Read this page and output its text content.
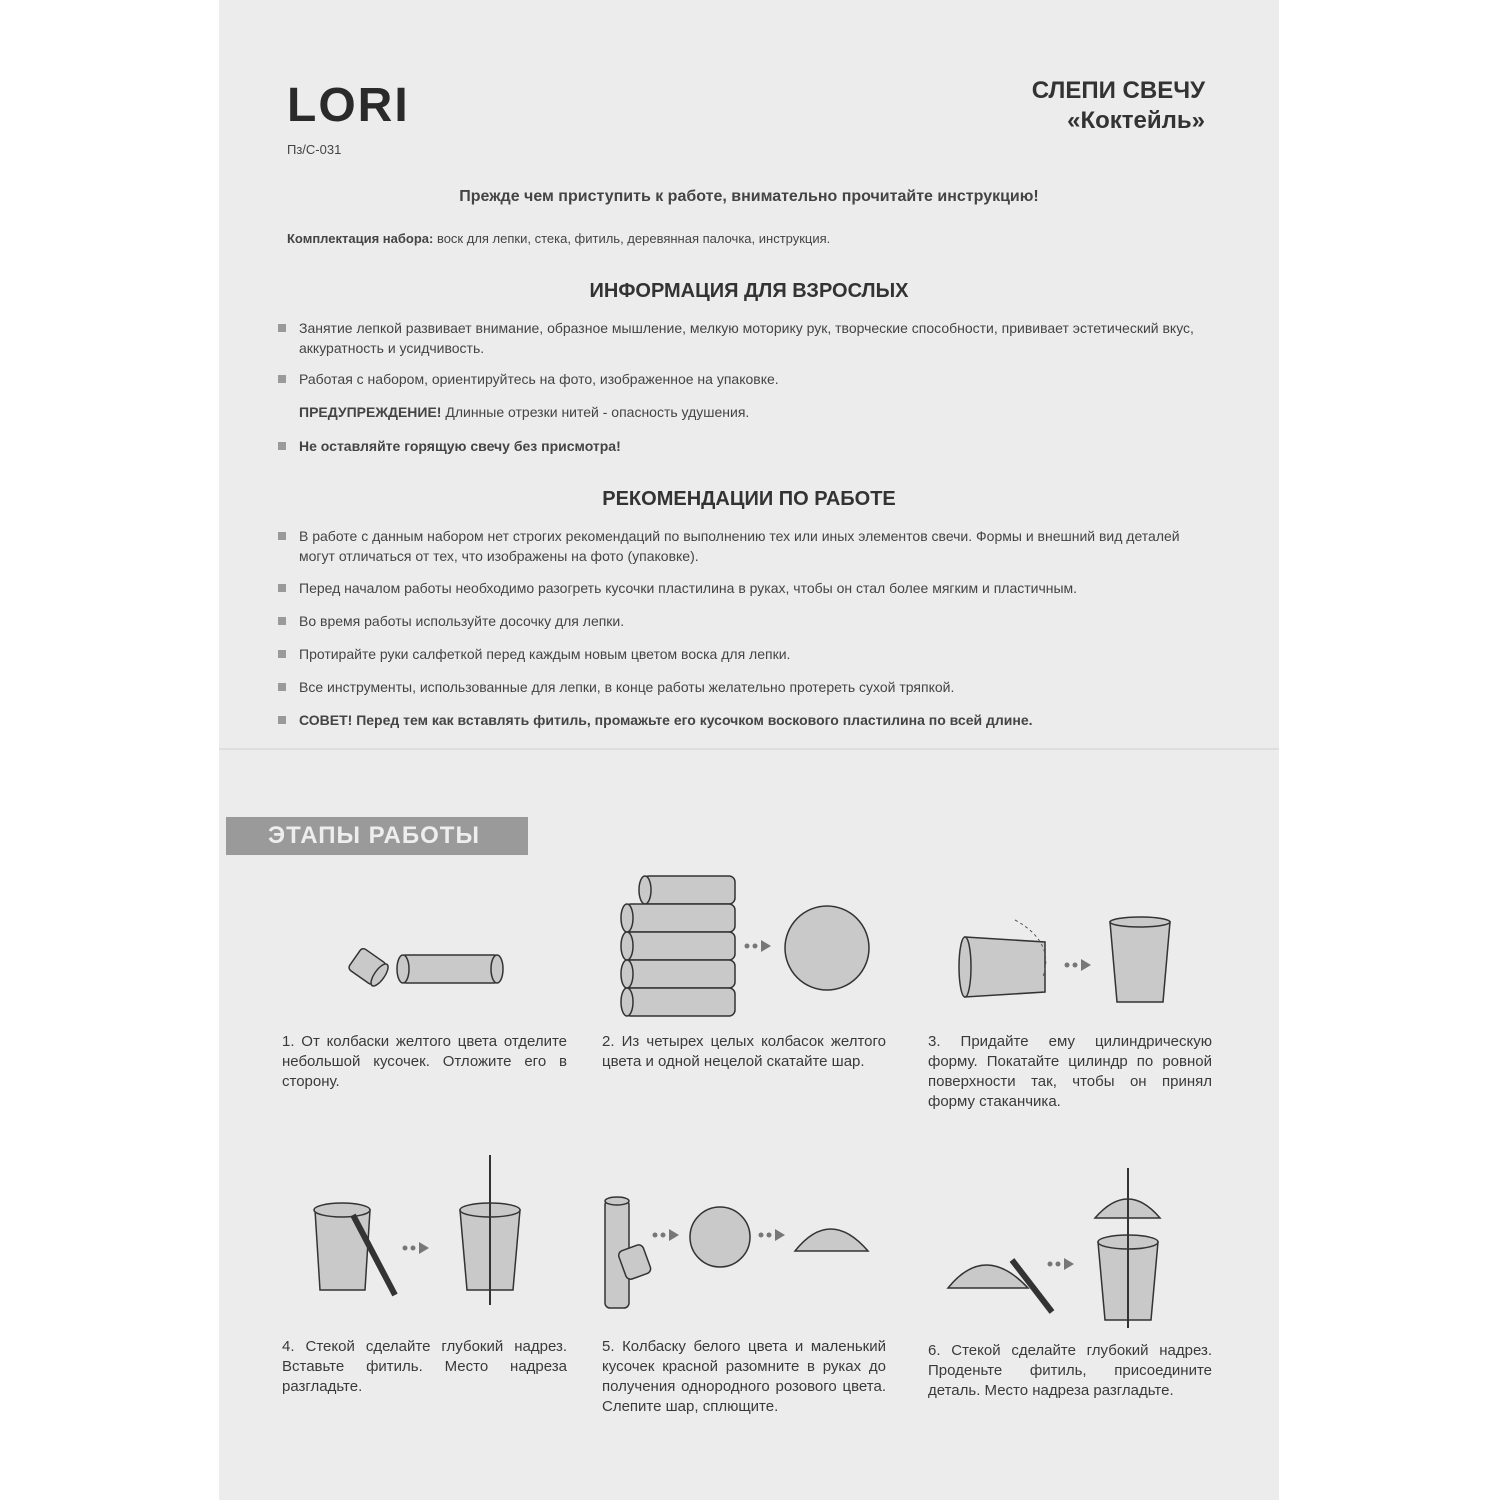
LORI
Пз/С-031
СЛЕПИ СВЕЧУ
«Коктейль»
Прежде чем приступить к работе, внимательно прочитайте инструкцию!
Комплектация набора: воск для лепки, стека, фитиль, деревянная палочка, инструкция.
ИНФОРМАЦИЯ ДЛЯ ВЗРОСЛЫХ
Занятие лепкой развивает внимание, образное мышление, мелкую моторику рук, творческие способности, прививает эстетический вкус, аккуратность и усидчивость.
Работая с набором, ориентируйтесь на фото, изображенное на упаковке.
ПРЕДУПРЕЖДЕНИЕ! Длинные отрезки нитей - опасность удушения.
Не оставляйте горящую свечу без присмотра!
РЕКОМЕНДАЦИИ ПО РАБОТЕ
В работе с данным набором нет строгих рекомендаций по выполнению тех или иных элементов свечи. Формы и внешний вид деталей могут отличаться от тех, что изображены на фото (упаковке).
Перед началом работы необходимо разогреть кусочки пластилина в руках, чтобы он стал более мягким и пластичным.
Во время работы используйте досочку для лепки.
Протирайте руки салфеткой перед каждым новым цветом воска для лепки.
Все инструменты, использованные для лепки, в конце работы желательно протереть сухой тряпкой.
СОВЕТ! Перед тем как вставлять фитиль, промажьте его кусочком воскового пластилина по всей длине.
ЭТАПЫ РАБОТЫ
1. От колбаски желтого цвета отделите небольшой кусочек. Отложите его в сторону.
2. Из четырех целых колбасок желтого цвета и одной нецелой скатайте шар.
3. Придайте ему цилиндрическую форму. Покатайте цилиндр по ровной поверхности так, чтобы он принял форму стаканчика.
4. Стекой сделайте глубокий надрез. Вставьте фитиль. Место надреза разгладьте.
5. Колбаску белого цвета и маленький кусочек красной разомните в руках до получения однородного розового цвета. Слепите шар, сплющите.
6. Стекой сделайте глубокий надрез. Проденьте фитиль, присоедините деталь. Место надреза разгладьте.
